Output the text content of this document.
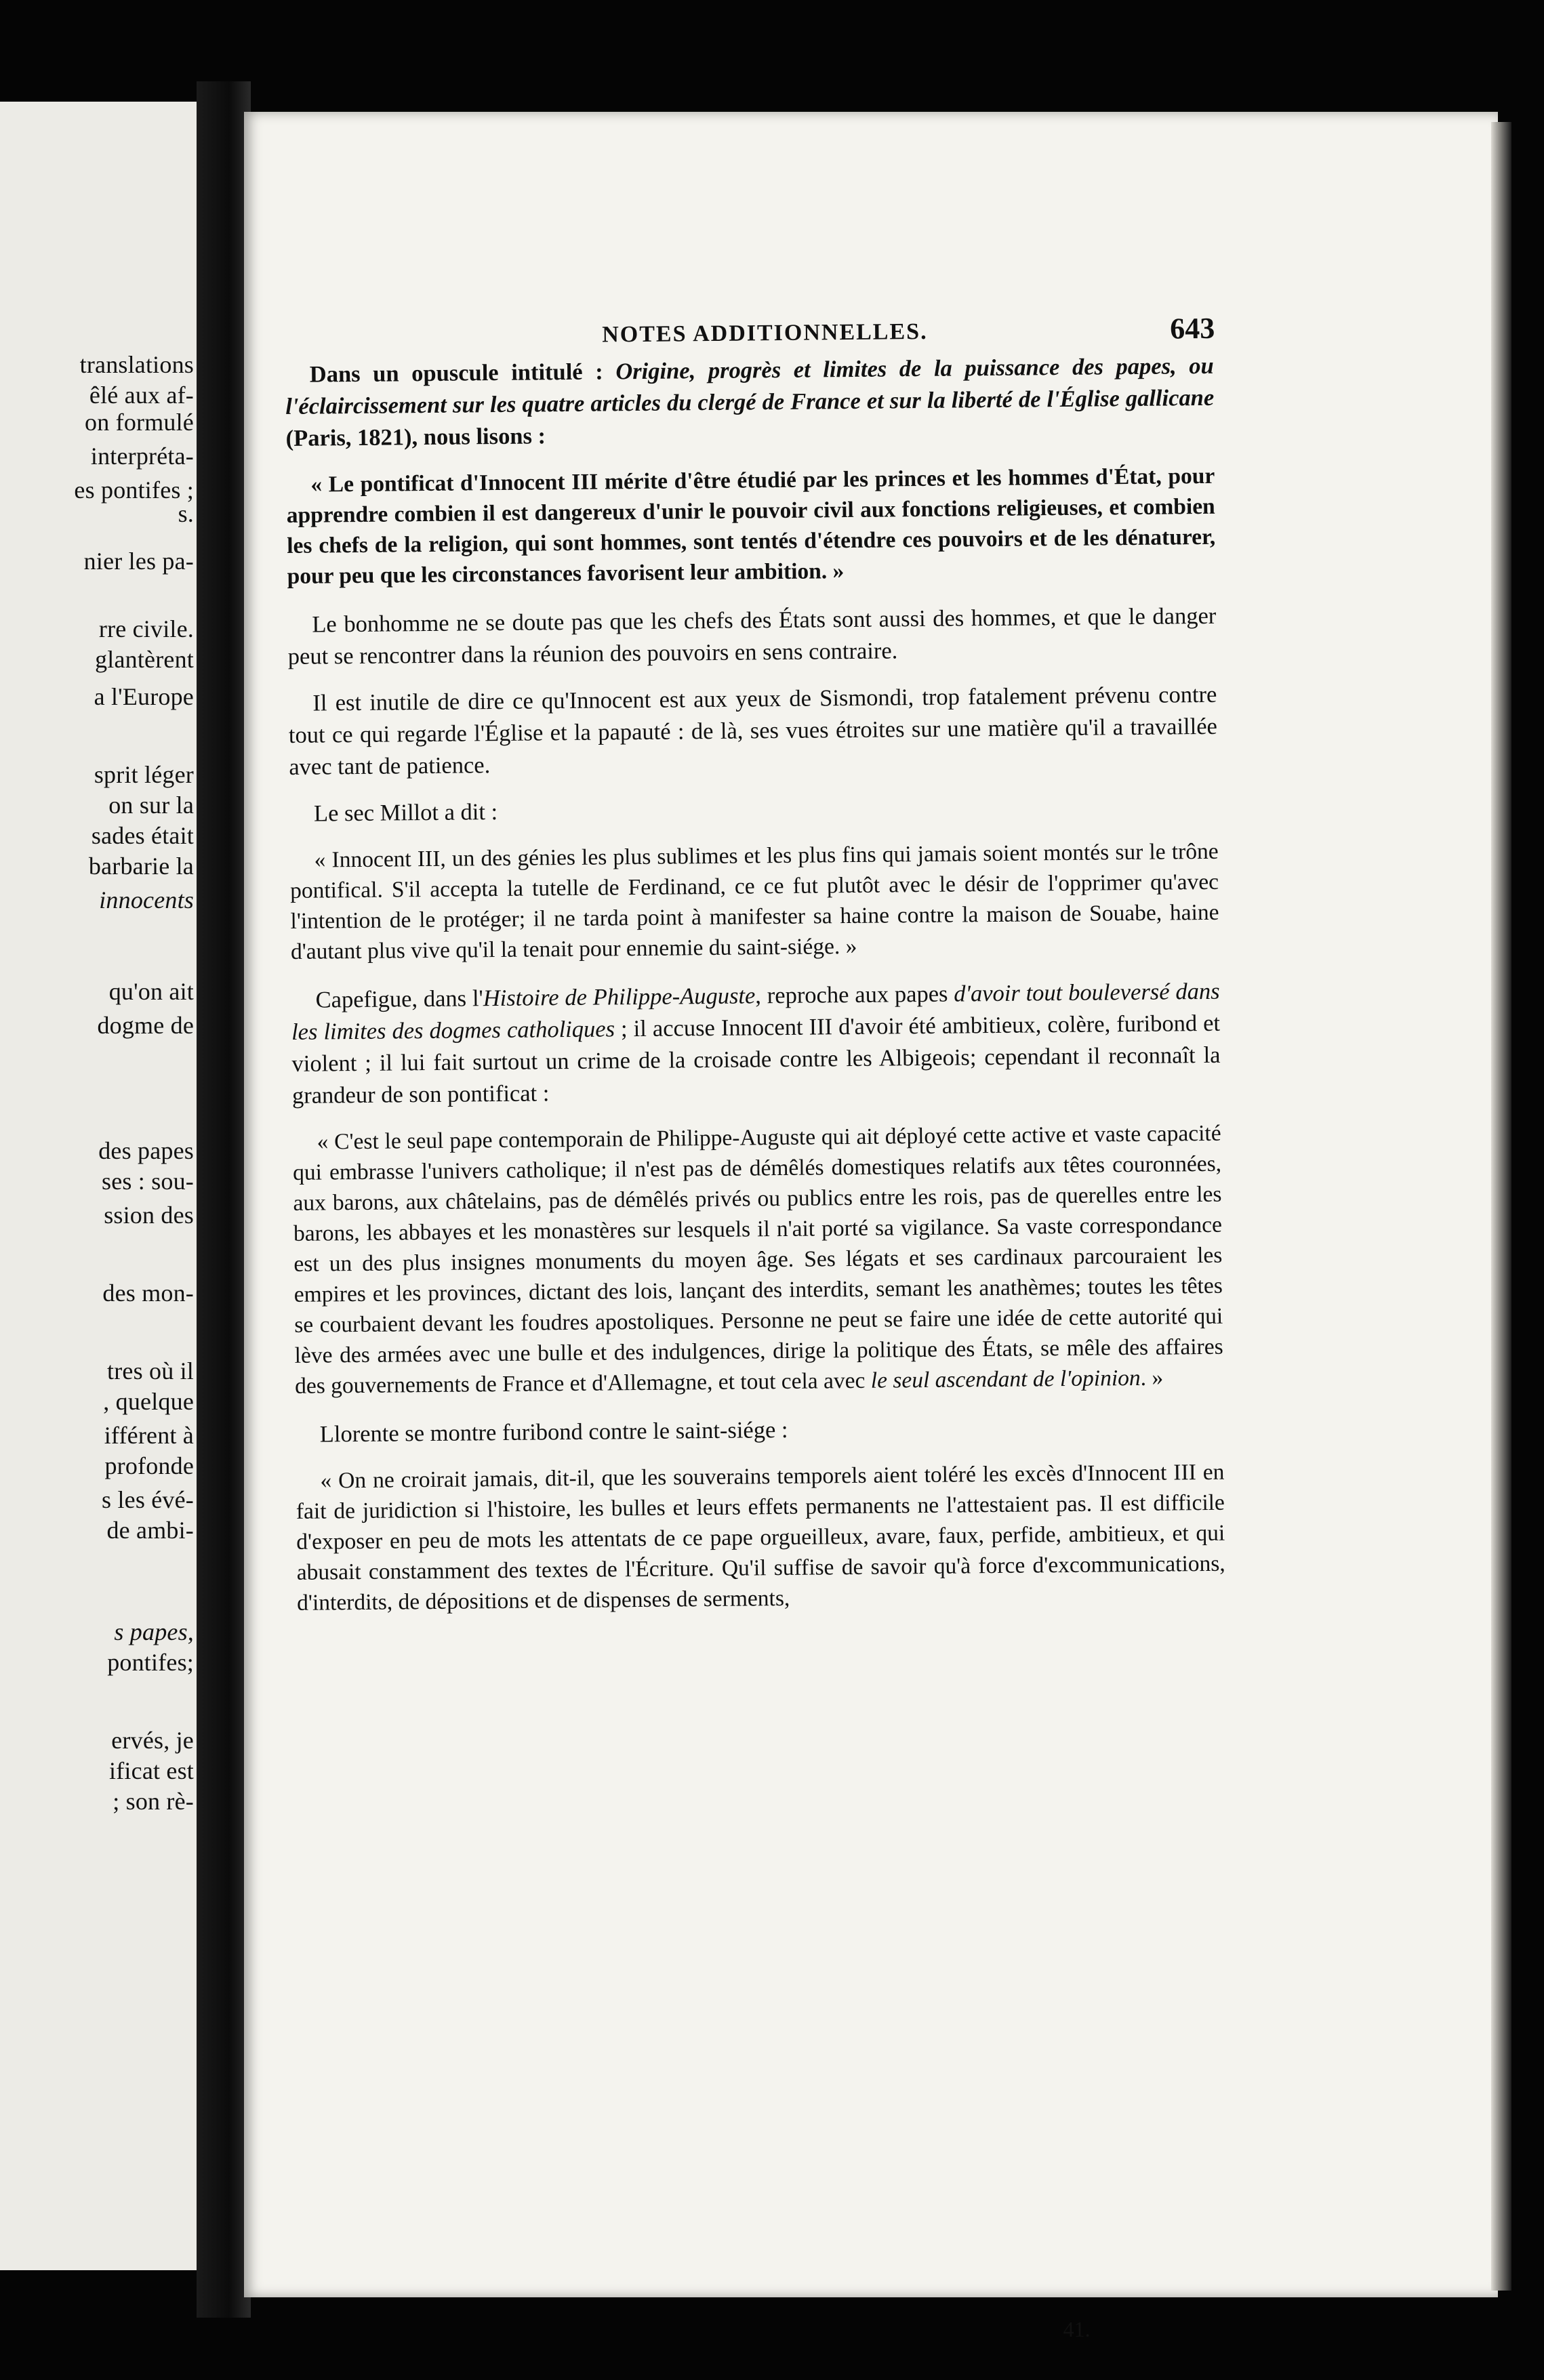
translations
êlé aux af-
on formulé
interpréta-
es pontifes ;
s.
nier les pa-
rre civile.
glantèrent
a l'Europe
sprit léger
on sur la
sades était
barbarie la
innocents
qu'on ait
dogme de
des papes
ses : sou-
ssion des
des mon-
tres où il
, quelque
ifférent à
profonde
s les évé-
de ambi-
s papes,
pontifes;
ervés, je
ificat est
; son rè-
NOTES ADDITIONNELLES.	643

Dans un opuscule intitulé : Origine, progrès et limites de la puissance des papes, ou l'éclaircissement sur les quatre articles du clergé de France et sur la liberté de l'Église gallicane (Paris, 1821), nous lisons :

« Le pontificat d'Innocent III mérite d'être étudié par les princes et les hommes d'État, pour apprendre combien il est dangereux d'unir le pouvoir civil aux fonctions religieuses, et combien les chefs de la religion, qui sont hommes, sont tentés d'étendre ces pouvoirs et de les dénaturer, pour peu que les circonstances favorisent leur ambition. »

Le bonhomme ne se doute pas que les chefs des États sont aussi des hommes, et que le danger peut se rencontrer dans la réunion des pouvoirs en sens contraire.

Il est inutile de dire ce qu'Innocent est aux yeux de Sismondi, trop fatalement prévenu contre tout ce qui regarde l'Église et la papauté : de là, ses vues étroites sur une matière qu'il a travaillée avec tant de patience.

Le sec Millot a dit :

« Innocent III, un des génies les plus sublimes et les plus fins qui jamais soient montés sur le trône pontifical. S'il accepta la tutelle de Ferdinand, ce ce fut plutôt avec le désir de l'opprimer qu'avec l'intention de le protéger; il ne tarda point à manifester sa haine contre la maison de Souabe, haine d'autant plus vive qu'il la tenait pour ennemie du saint-siége. »

Capefigue, dans l'Histoire de Philippe-Auguste, reproche aux papes d'avoir tout bouleversé dans les limites des dogmes catholiques ; il accuse Innocent III d'avoir été ambitieux, colère, furibond et violent ; il lui fait surtout un crime de la croisade contre les Albigeois; cependant il reconnaît la grandeur de son pontificat :

« C'est le seul pape contemporain de Philippe-Auguste qui ait déployé cette active et vaste capacité qui embrasse l'univers catholique; il n'est pas de démêlés domestiques relatifs aux têtes couronnées, aux barons, aux châtelains, pas de démêlés privés ou publics entre les rois, pas de querelles entre les barons, les abbayes et les monastères sur lesquels il n'ait porté sa vigilance. Sa vaste correspondance est un des plus insignes monuments du moyen âge. Ses légats et ses cardinaux parcouraient les empires et les provinces, dictant des lois, lançant des interdits, semant les anathèmes; toutes les têtes se courbaient devant les foudres apostoliques. Personne ne peut se faire une idée de cette autorité qui lève des armées avec une bulle et des indulgences, dirige la politique des États, se mêle des affaires des gouvernements de France et d'Allemagne, et tout cela avec le seul ascendant de l'opinion. »

Llorente se montre furibond contre le saint-siége :

« On ne croirait jamais, dit-il, que les souverains temporels aient toléré les excès d'Innocent III en fait de juridiction si l'histoire, les bulles et leurs effets permanents ne l'attestaient pas. Il est difficile d'exposer en peu de mots les attentats de ce pape orgueilleux, avare, faux, perfide, ambitieux, et qui abusait constamment des textes de l'Écriture. Qu'il suffise de savoir qu'à force d'excommunications, d'interdits, de dépositions et de dispenses de serments,

41.
